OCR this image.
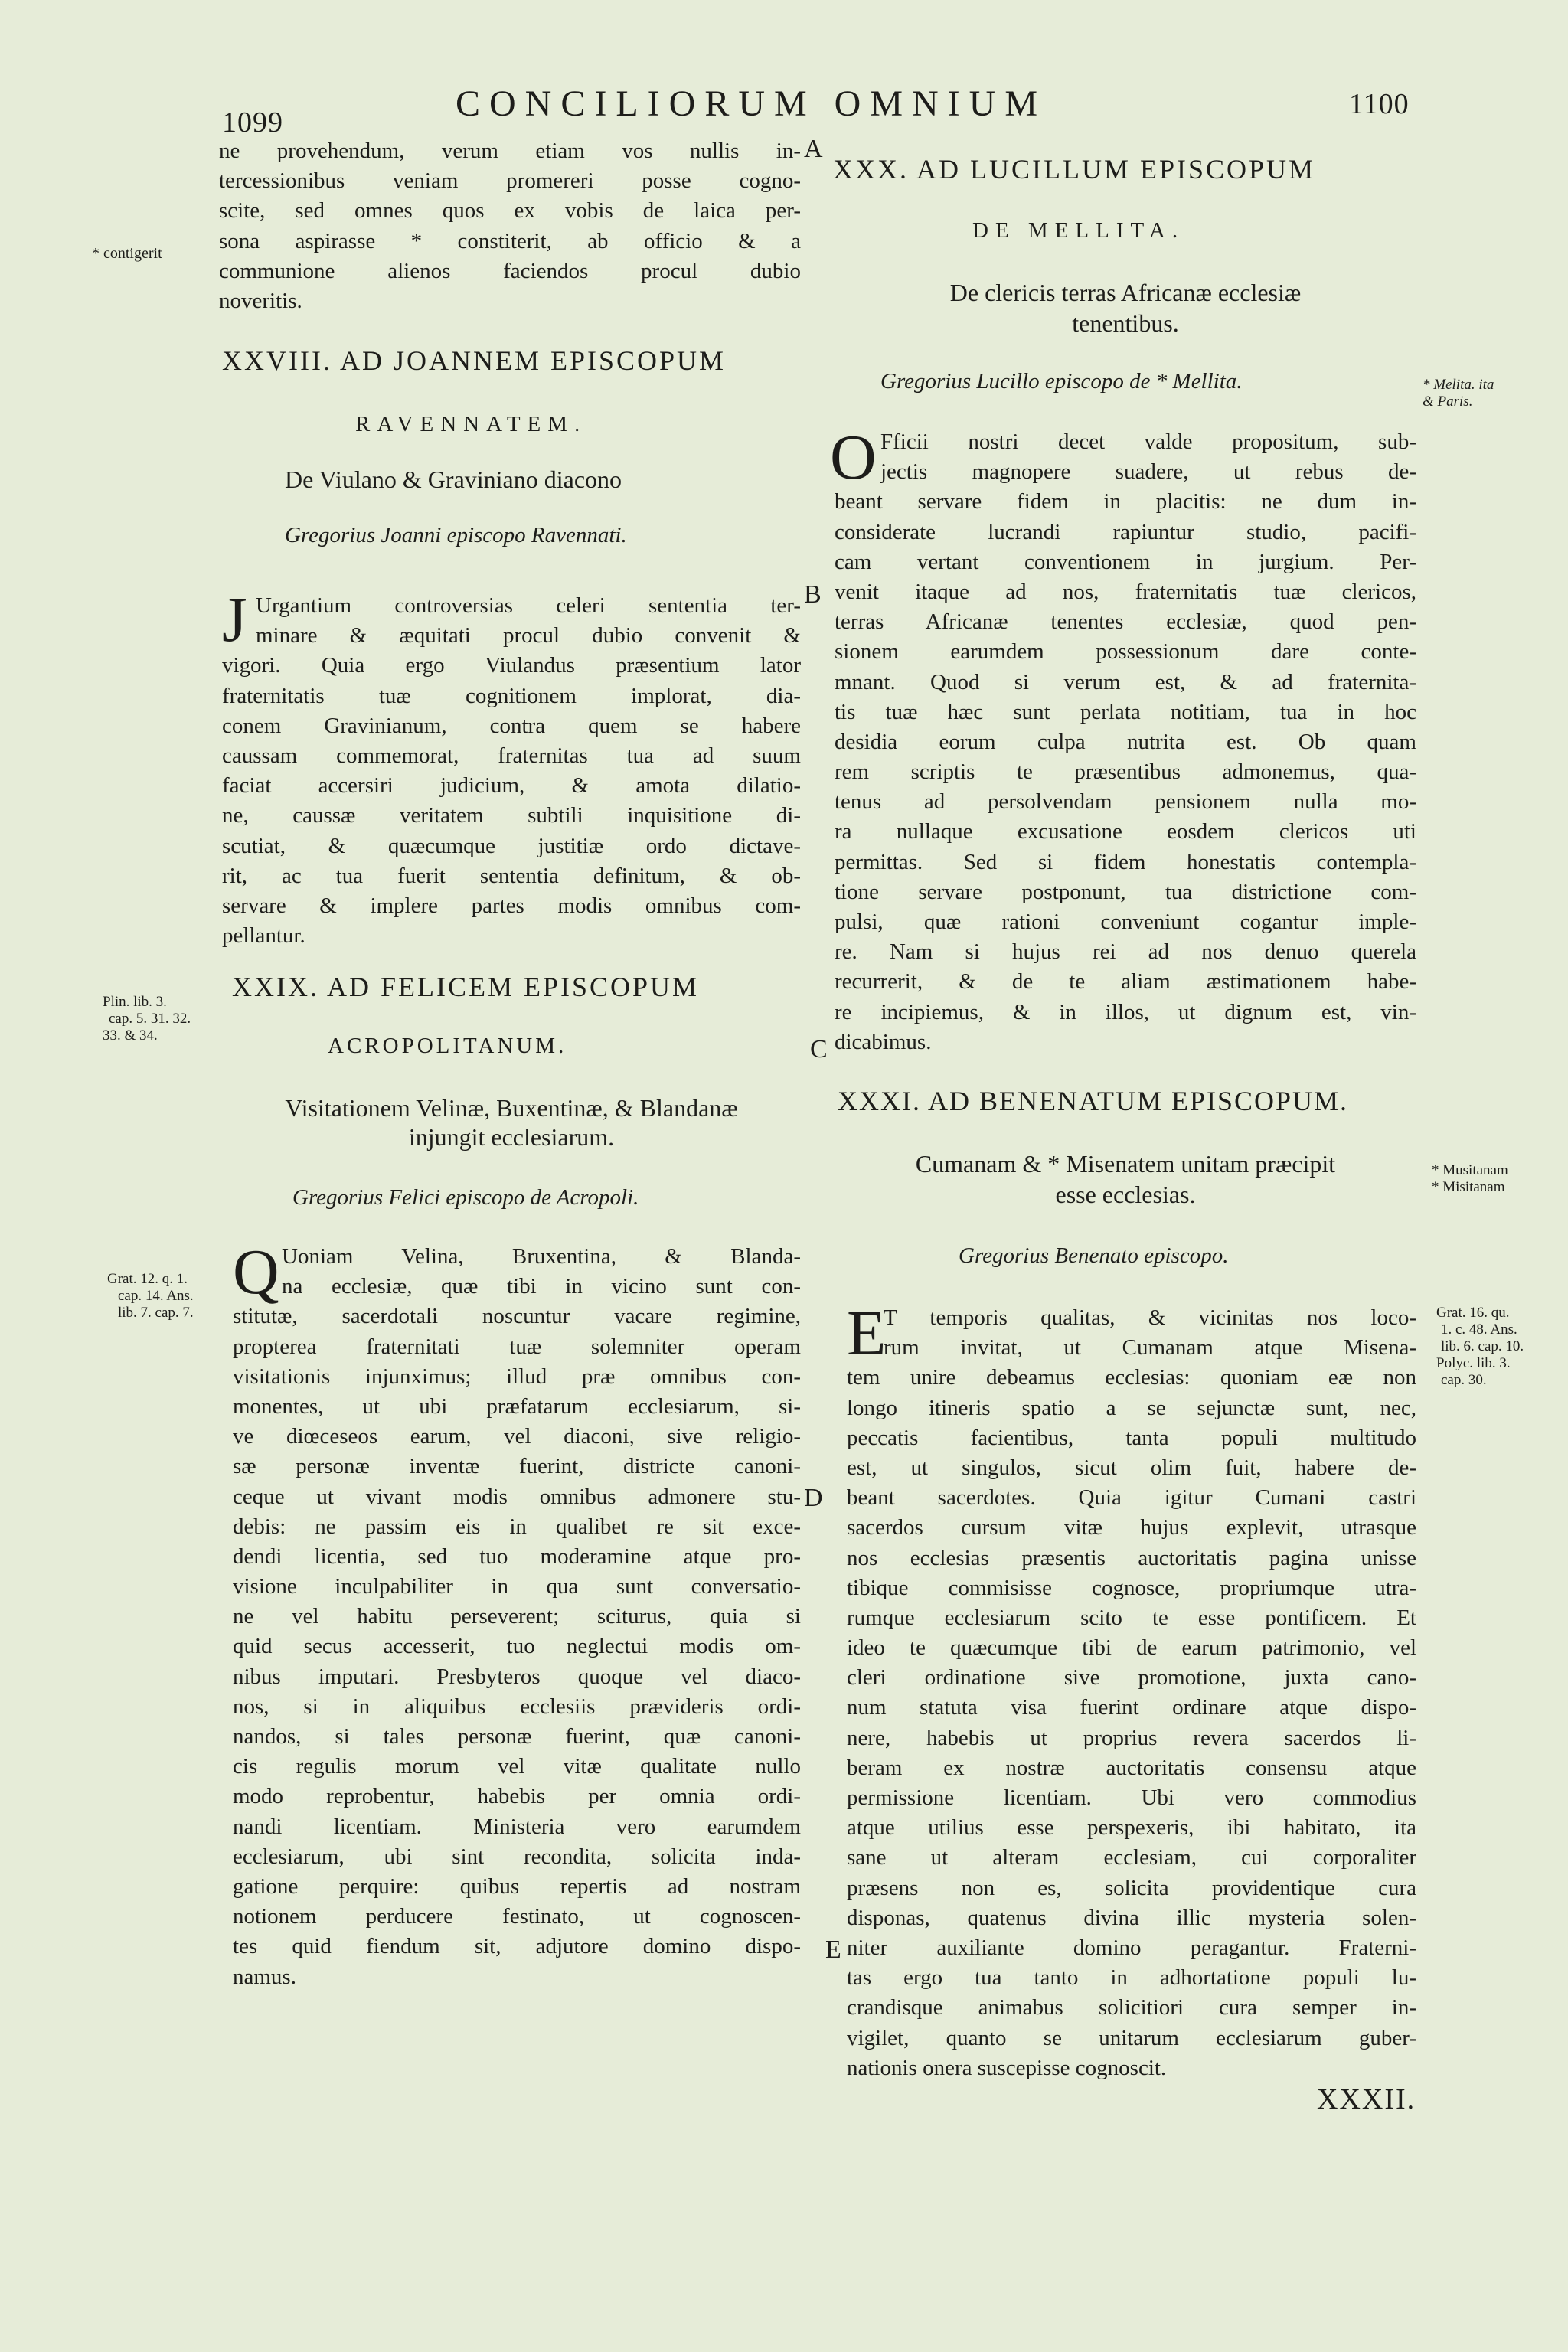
1099	CONCILIORUM OMNIUM	1100
ne provehendum, verum etiam vos nullis in-
tercessionibus veniam promereri posse cogno-
scite, sed omnes quos ex vobis de laica per-
sona aspirasse * constiterit, ab officio & a
communione alienos faciendos procul dubio
noveritis.
XXVIII. AD JOANNEM EPISCOPUM
RAVENNATEM.
De Viulano & Graviniano diacono
Gregorius Joanni episcopo Ravennati.
J Urgantium controversias celeri sententia ter-
minare & æquitati procul dubio convenit &
vigori. Quia ergo Viulandus præsentium lator
fraternitatis tuæ cognitionem implorat, dia-
conem Gravinianum, contra quem se habere
caussam commemorat, fraternitas tua ad suum
faciat accersiri judicium, & amota dilatio-
ne, caussæ veritatem subtili inquisitione di-
scutiat, & quæcumque justitiæ ordo dictave-
rit, ac tua fuerit sententia definitum, & ob-
servare & implere partes modis omnibus com-
pellantur.
XXIX. AD FELICEM EPISCOPUM
ACROPOLITANUM.
Visitationem Velinæ, Buxentinæ, & Blandanæ
injungit ecclesiarum.
Gregorius Felici episcopo de Acropoli.
Q Uoniam Velina, Bruxentina, & Blanda-
na ecclesiæ, quæ tibi in vicino sunt con-
stitutæ, sacerdotali noscuntur vacare regimine,
propterea fraternitati tuæ solemniter operam
visitationis injunximus; illud præ omnibus con-
monentes, ut ubi præfatarum ecclesiarum, si-
ve diœceseos earum, vel diaconi, sive religio-
sæ personæ inventæ fuerint, districte canoni-
ceque ut vivant modis omnibus admonere stu-
debis: ne passim eis in qualibet re sit exce-
dendi licentia, sed tuo moderamine atque pro-
visione inculpabiliter in qua sunt conversatio-
ne vel habitu perseverent; sciturus, quia si
quid secus accesserit, tuo neglectui modis om-
nibus imputari. Presbyteros quoque vel diaco-
nos, si in aliquibus ecclesiis prævideris ordi-
nandos, si tales personæ fuerint, quæ canoni-
cis regulis morum vel vitæ qualitate nullo
modo reprobentur, habebis per omnia ordi-
nandi licentiam. Ministeria vero earumdem
ecclesiarum, ubi sint recondita, solicita inda-
gatione perquire: quibus repertis ad nostram
notionem perducere festinato, ut cognoscen-
tes quid fiendum sit, adjutore domino dispo-
namus.
XXX. AD LUCILLUM EPISCOPUM
DE MELLITA.
De clericis terras Africanæ ecclesiæ
tenentibus.
Gregorius Lucillo episcopo de * Mellita.
O Fficii nostri decet valde propositum, sub-
jectis magnopere suadere, ut rebus de-
beant servare fidem in placitis: ne dum in-
considerate lucrandi rapiuntur studio, pacifi-
cam vertant conventionem in jurgium. Per-
venit itaque ad nos, fraternitatis tuæ clericos,
terras Africanæ tenentes ecclesiæ, quod pen-
sionem earumdem possessionum dare conte-
mnant. Quod si verum est, & ad fraternita-
tis tuæ hæc sunt perlata notitiam, tua in hoc
desidia eorum culpa nutrita est. Ob quam
rem scriptis te præsentibus admonemus, qua-
tenus ad persolvendam pensionem nulla mo-
ra nullaque excusatione eosdem clericos uti
permittas. Sed si fidem honestatis contempla-
tione servare postponunt, tua districtione com-
pulsi, quæ rationi conveniunt cogantur imple-
re. Nam si hujus rei ad nos denuo querela
recurrerit, & de te aliam æstimationem habe-
re incipiemus, & in illos, ut dignum est, vin-
dicabimus.
XXXI. AD BENENATUM EPISCOPUM.
Cumanam & * Misenatem unitam præcipit
esse ecclesias.
Gregorius Benenato episcopo.
E
T temporis qualitas, & vicinitas nos loco-
rum invitat, ut Cumanam atque Misena-
tem unire debeamus ecclesias: quoniam eæ non
longo itineris spatio a se sejunctæ sunt, nec,
peccatis facientibus, tanta populi multitudo
est, ut singulos, sicut olim fuit, habere de-
beant sacerdotes. Quia igitur Cumani castri
sacerdos cursum vitæ hujus explevit, utrasque
nos ecclesias præsentis auctoritatis pagina unisse
tibique commisisse cognosce, propriumque utra-
rumque ecclesiarum scito te esse pontificem. Et
ideo te quæcumque tibi de earum patrimonio, vel
cleri ordinatione sive promotione, juxta cano-
num statuta visa fuerint ordinare atque dispo-
nere, habebis ut proprius revera sacerdos li-
beram ex nostræ auctoritatis consensu atque
permissione licentiam. Ubi vero commodius
atque utilius esse perspexeris, ibi habitato, ita
sane ut alteram ecclesiam, cui corporaliter
præsens non es, solicita providentique cura
disponas, quatenus divina illic mysteria solen-
niter auxiliante domino peragantur. Fraterni-
tas ergo tua tanto in adhortatione populi lu-
crandisque animabus solicitiori cura semper in-
vigilet, quanto se unitarum ecclesiarum guber-
nationis onera suscepisse cognoscit.
A
B
C
D
E
* contigerit
Plin. lib. 3.
cap. 5. 31. 32.
33. & 34.
Grat. 12. q. 1.
cap. 14. Ans.
lib. 7. cap. 7.
* Melita. ita
& Paris.
* Musitanam
* Misitanam
Grat. 16. qu.
1. c. 48. Ans.
lib. 6. cap. 10.
Polyc. lib. 3.
cap. 30.
XXXII.
